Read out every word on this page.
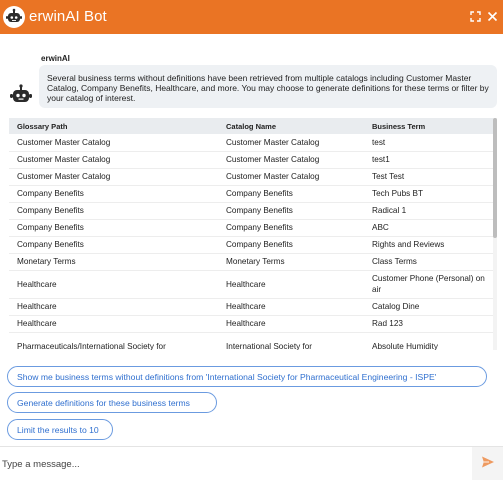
erwinAI Bot
erwinAI
Several business terms without definitions have been retrieved from multiple catalogs including Customer Master Catalog, Company Benefits, Healthcare, and more. You may choose to generate definitions for these terms or filter by your catalog of interest.
Glossary Path	Catalog Name	Business Term
Customer Master Catalog	Customer Master Catalog	test
Customer Master Catalog	Customer Master Catalog	test1
Customer Master Catalog	Customer Master Catalog	Test Test
Company Benefits	Company Benefits	Tech Pubs BT
Company Benefits	Company Benefits	Radical 1
Company Benefits	Company Benefits	ABC
Company Benefits	Company Benefits	Rights and Reviews
Monetary Terms	Monetary Terms	Class Terms
Healthcare	Healthcare	Customer Phone (Personal) on air
Healthcare	Healthcare	Catalog Dine
Healthcare	Healthcare	Rad 123
Pharmaceuticals/International Society for	International Society for	Absolute Humidity
Show me business terms without definitions from 'International Society for Pharmaceutical Engineering - ISPE'
Generate definitions for these business terms
Limit the results to 10
Type a message...
